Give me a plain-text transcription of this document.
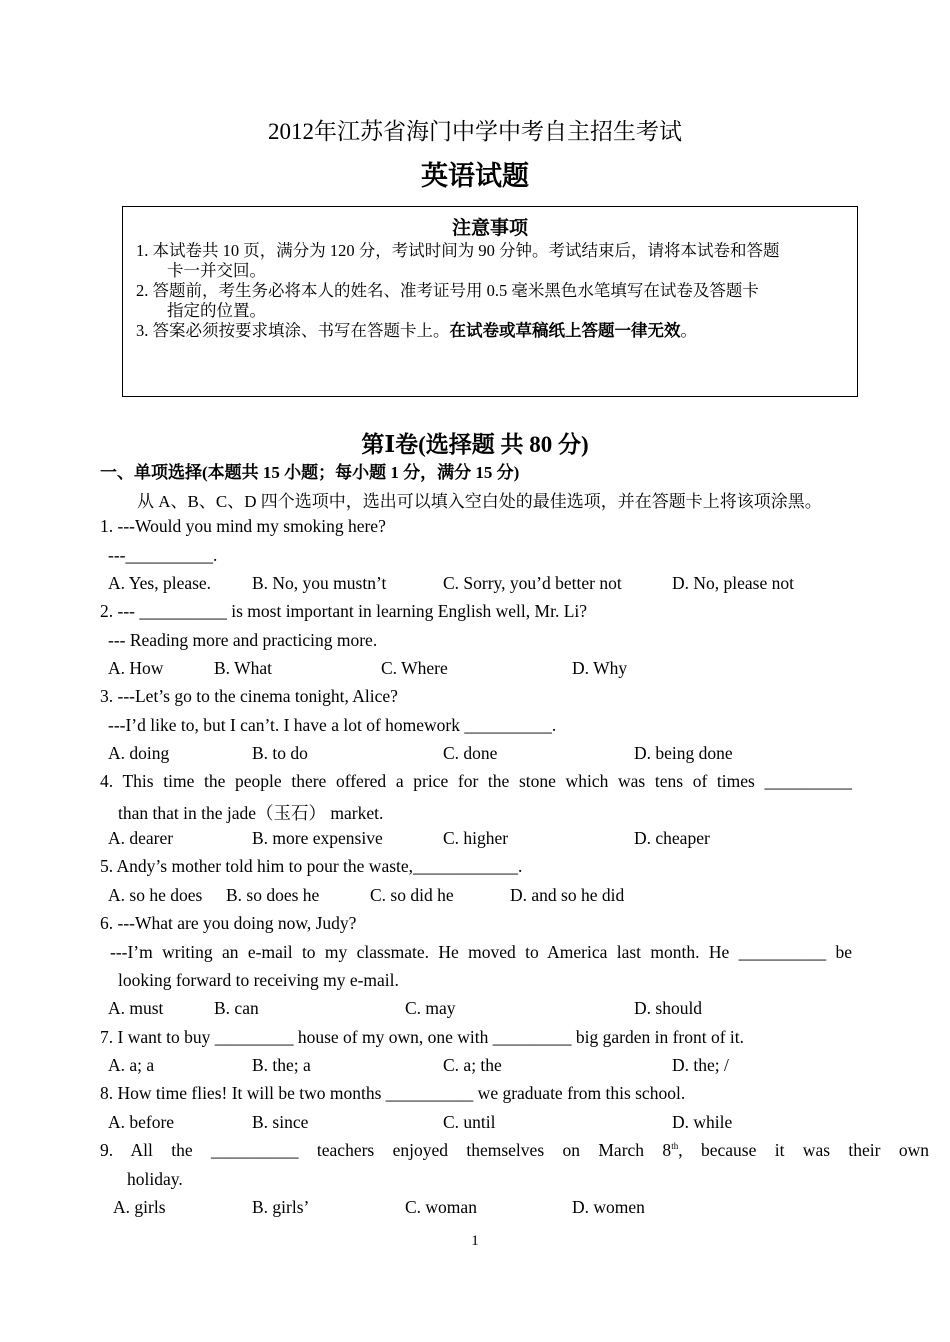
2012年江苏省海门中学中考自主招生考试
英语试题
注意事项
1. 本试卷共 10 页，满分为 120 分，考试时间为 90 分钟。考试结束后，请将本试卷和答题
卡一并交回。
2. 答题前，考生务必将本人的姓名、准考证号用 0.5 毫米黑色水笔填写在试卷及答题卡
指定的位置。
3. 答案必须按要求填涂、书写在答题卡上。在试卷或草稿纸上答题一律无效。
第Ⅰ卷(选择题 共 80 分)
一、单项选择(本题共 15 小题；每小题 1 分，满分 15 分)
从 A、B、C、D 四个选项中，选出可以填入空白处的最佳选项，并在答题卡上将该项涂黑。
1. ---Would you mind my smoking here?
---__________.
A. Yes, please. B. No, you mustn’t	C. Sorry, you’d better not	D. No, please not
2. --- __________ is most important in learning English well, Mr. Li?
--- Reading more and practicing more.
A. How	B. What	C. Where	D. Why
3. ---Let’s go to the cinema tonight, Alice?
---I’d like to, but I can’t. I have a lot of homework __________.
A. doing	B. to do	C. done	D. being done
4. This time the people there offered a price for the stone which was tens of times __________
than that in the jade（玉石） market.
A. dearer	B. more expensive	C. higher	D. cheaper
5. Andy’s mother told him to pour the waste,____________.
A. so he does B. so does he	C. so did he	D. and so he did
6. ---What are you doing now, Judy?
---I’m writing an e-mail to my classmate. He moved to America last month. He __________ be
looking forward to receiving my e-mail.
A. must	B. can	C. may	D. should
7. I want to buy _________ house of my own, one with _________ big garden in front of it.
A. a; a	B. the; a	C. a; the	D. the; /
8. How time flies! It will be two months __________ we graduate from this school.
A. before	B. since	C. until	D. while
9. All the __________ teachers enjoyed themselves on March 8th , because it was their own
holiday.
A. girls	B. girls’	C. woman	D. women
1
